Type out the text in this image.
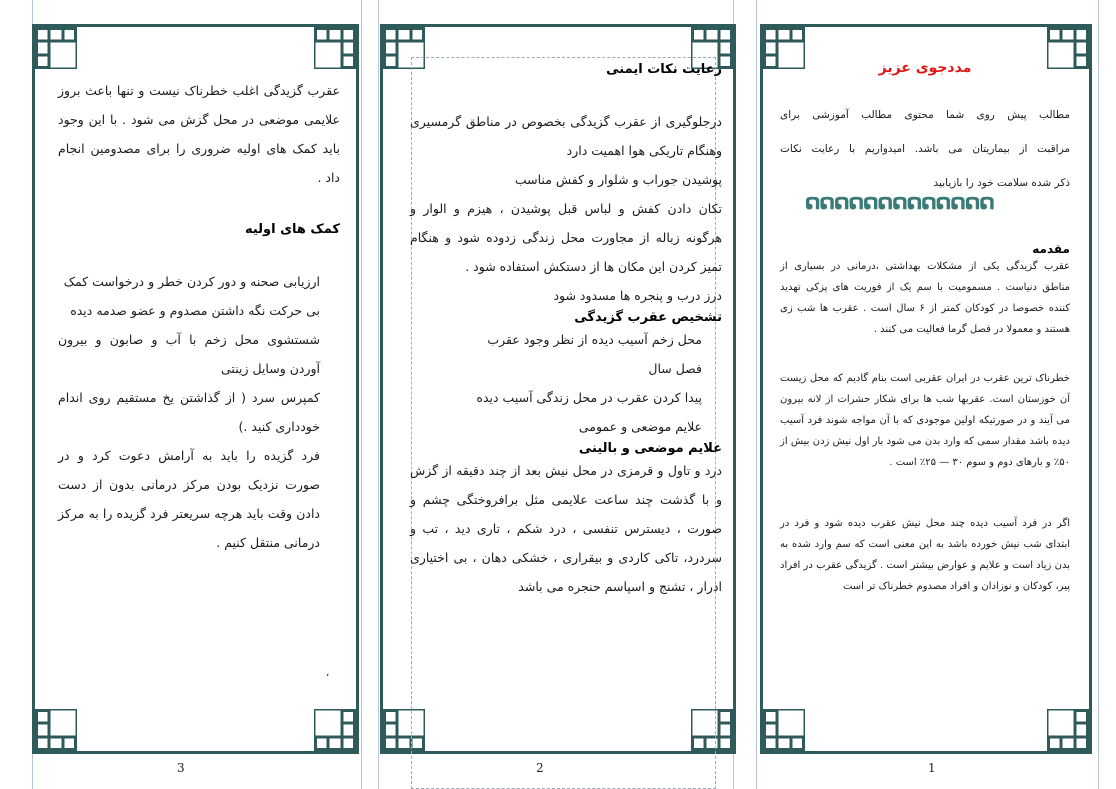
مددجوی عزیز
مطالب پیش روی شما محتوی مطالب آموزشی برای
مراقبت از بیماریتان می باشد. امیدواریم با رعایت نکات
ذکر شده سلامت خود را بازیابید
ດດດດດດດດດດດດດ
مقدمه
عقرب گزیدگی یکی از مشکلات بهداشتی ،درمانی در بسیاری از مناطق دنیاست . مسمومیت با سم یک از فوریت های پزکی تهدید کننده خصوصا در کودکان کمتر از ۶ سال است . عقرب ها شب زی هستند و معمولا در فصل گرما فعالیت می کنند .
خطرناک ترین عقرب در ایران عقربی است بنام گادیم که محل زیست آن خوزستان است. عقربها شب ها برای شکار حشرات از لانه بیرون می آیند و در صورتیکه اولین موجودی که با آن مواجه شوند فرد آسیب دیده باشد مقدار سمی که وارد بدن می شود بار اول نیش زدن بیش از ۵۰٪ و بارهای دوم و سوم ۳۰ — ۲۵٪ است .
اگر در فرد آسیب دیده چند محل نیش عقرب دیده شود و فرد در ابتدای شب نیش خورده باشد به این معنی است که سم وارد شده به بدن زیاد است و علایم و عوارض بیشتر است . گزیدگی عقرب در افراد پیر، کودکان و نوزادان و افراد مصدوم خطرناک تر است
1
رعایت نکات ایمنی
درجلوگیری از عقرب گزیدگی بخصوص در مناطق گرمسیری وهنگام تاریکی هوا اهمیت دارد
پوشیدن جوراب و شلوار و کفش مناسب
تکان دادن کفش و لباس قبل پوشیدن ، هیزم و الوار و هرگونه زباله از مجاورت محل زندگی زدوده شود و هنگام تمیز کردن این مکان ها از دستکش استفاده شود .
درز درب و پنجره ها مسدود شود
تشخیص عقرب گزیدگی
محل زخم آسیب دیده از نظر وجود عقرب
فصل سال
پیدا کردن عقرب در محل زندگی آسیب دیده
علایم موضعی و عمومی
علایم موضعی و بالینی
درد و تاول و قرمزی در محل نیش بعد از چند دقیقه از گزش و با گذشت چند ساعت علایمی مثل برافروختگی چشم و صورت ، دیسترس تنفسی ، درد شکم ، تاری دید ، تب و سردرد، تاکی کاردی و بیقراری ، خشکی دهان ، بی اختیاری ادرار ، تشنج و اسپاسم حنجره می باشد
2
عقرب گزیدگی اغلب خطرناک نیست و تنها باعث بروز علایمی موضعی در محل گزش می شود . با این وجود باید کمک های اولیه ضروری را برای مصدومین انجام داد .
کمک های اولیه
ارزیابی صحنه و دور کردن خطر و درخواست کمک
بی حرکت نگه داشتن مصدوم و عضو صدمه دیده
شستشوی محل زخم با آب و صابون و بیرون آوردن وسایل زینتی
کمپرس سرد ( از گذاشتن یخ مستقیم روی اندام خودداری کنید .)
فرد گزیده را باید به آرامش دعوت کرد و در صورت نزدیک بودن مرکز درمانی بدون از دست دادن وقت باید هرچه سریعتر فرد گزیده را به مرکز درمانی منتقل کنیم .
،
3
